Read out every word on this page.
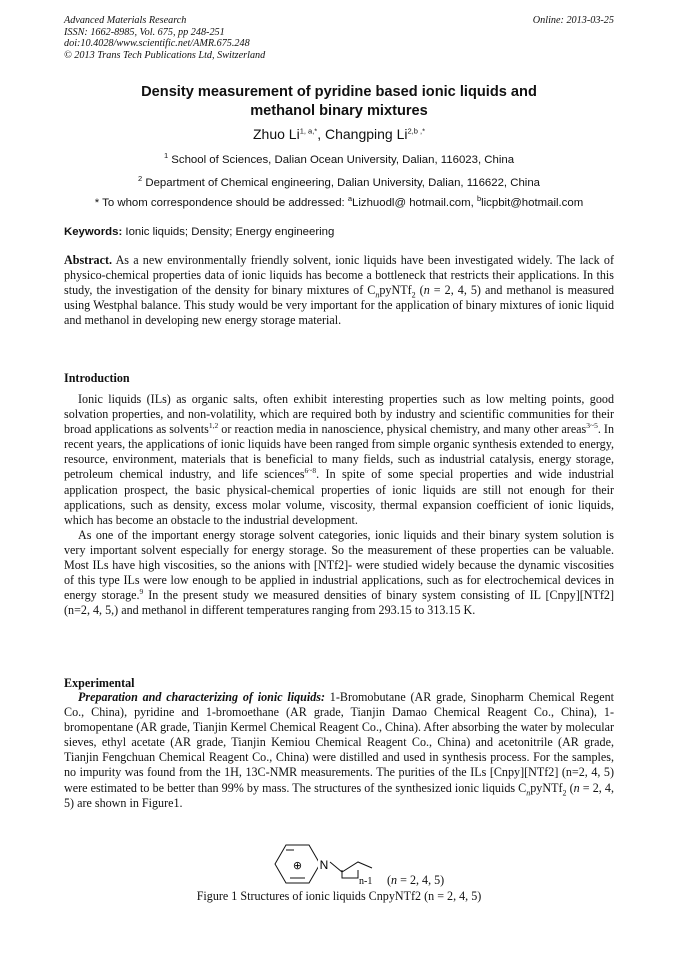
Advanced Materials Research
ISSN: 1662-8985, Vol. 675, pp 248-251
doi:10.4028/www.scientific.net/AMR.675.248
© 2013 Trans Tech Publications Ltd, Switzerland
Online: 2013-03-25
Density measurement of pyridine based ionic liquids and
methanol binary mixtures
Zhuo $Li^{1, a,*}$, Changping $Li^{2,b ,*}$
$^1$ School of Sciences, Dalian Ocean University, Dalian, 116023, China
$^2$ Department of Chemical engineering, Dalian University, Dalian, 116622, China
* To whom correspondence should be addressed: $^a$Lizhuodl@ hotmail.com, $^b$licpbit@hotmail.com
Keywords: Ionic liquids; Density; Energy engineering

Abstract. As a new environmentally friendly solvent, ionic liquids have been investigated widely. The lack of physico-chemical properties data of ionic liquids has become a bottleneck that restricts their applications. In this study, the investigation of the density for binary mixtures of $C_npyNTf_2$ (n = 2, 4, 5) and methanol is measured using Westphal balance. This study would be very important for the application of binary mixtures of ionic liquid and methanol in developing new energy storage material.

Introduction

Ionic liquids (ILs) as organic salts, often exhibit interesting properties such as low melting points, good solvation properties, and non-volatility, which are required both by industry and scientific communities for their broad applications as solvents$^{1,2}$ or reaction media in nanoscience, physical chemistry, and many other areas$^{3\sim 5}$. In recent years, the applications of ionic liquids have been ranged from simple organic synthesis extended to energy, resource, environment, materials that is beneficial to many fields, such as industrial catalysis, energy storage, petroleum chemical industry, and life sciences$^{6\sim 8}$. In spite of some special properties and wide industrial application prospect, the basic physical-chemical properties of ionic liquids are still not enough for their applications, such as density, excess molar volume, viscosity, thermal expansion coefficient of ionic liquids, which has become an obstacle to the industrial development.

As one of the important energy storage solvent categories, ionic liquids and their binary system solution is very important solvent especially for energy storage. So the measurement of these properties can be valuable. Most ILs have high viscosities, so the anions with [NTf2]- were studied widely because the dynamic viscosities of this type ILs were low enough to be applied in industrial applications, such as for electrochemical devices in energy storage.$^9$ In the present study we measured densities of binary system consisting of IL [Cnpy][NTf2] (n=2, 4, 5,) and methanol in different temperatures ranging from 293.15 to 313.15 K.

Experimental

Preparation and characterizing of ionic liquids: 1-Bromobutane (AR grade, Sinopharm Chemical Regent Co., China), pyridine and 1-bromoethane (AR grade, Tianjin Damao Chemical Reagent Co., China), 1-bromopentane (AR grade, Tianjin Kermel Chemical Reagent Co., China). After absorbing the water by molecular sieves, ethyl acetate (AR grade, Tianjin Kemiou Chemical Reagent Co., China) and acetonitrile (AR grade, Tianjin Fengchuan Chemical Reagent Co., China) were distilled and used in synthesis process. For the samples, no impurity was found from the 1H, 13C-NMR measurements. The purities of the ILs [Cnpy][NTf2] (n=2, 4, 5) were estimated to be better than 99% by mass. The structures of the synthesized ionic liquids $C_npyNTf_2$ (n = 2, 4, 5) are shown in Figure1.

⊕ N
n-1 (n = 2, 4, 5)
Figure 1 Structures of ionic liquids CnpyNTf2 (n = 2, 4, 5)
